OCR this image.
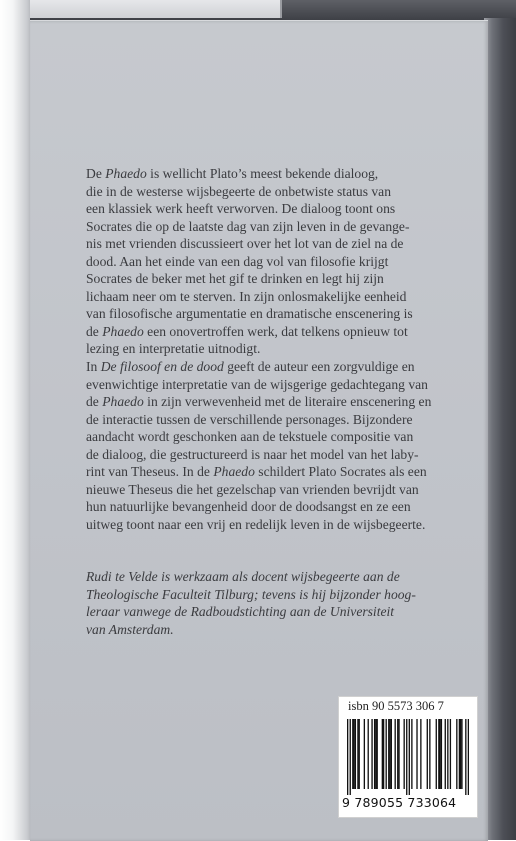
De Phaedo is wellicht Plato’s meest bekende dialoog,
die in de westerse wijsbegeerte de onbetwiste status van
een klassiek werk heeft verworven. De dialoog toont ons
Socrates die op de laatste dag van zijn leven in de gevange-
nis met vrienden discussieert over het lot van de ziel na de
dood. Aan het einde van een dag vol van filosofie krijgt
Socrates de beker met het gif te drinken en legt hij zijn
lichaam neer om te sterven. In zijn onlosmakelijke eenheid
van filosofische argumentatie en dramatische enscenering is
de Phaedo een onovertroffen werk, dat telkens opnieuw tot
lezing en interpretatie uitnodigt.
In De filosoof en de dood geeft de auteur een zorgvuldige en
evenwichtige interpretatie van de wijsgerige gedachtegang van
de Phaedo in zijn verwevenheid met de literaire enscenering en
de interactie tussen de verschillende personages. Bijzondere
aandacht wordt geschonken aan de tekstuele compositie van
de dialoog, die gestructureerd is naar het model van het laby-
rint van Theseus. In de Phaedo schildert Plato Socrates als een
nieuwe Theseus die het gezelschap van vrienden bevrijdt van
hun natuurlijke bevangenheid door de doodsangst en ze een
uitweg toont naar een vrij en redelijk leven in de wijsbegeerte.
Rudi te Velde is werkzaam als docent wijsbegeerte aan de
Theologische Faculteit Tilburg; tevens is hij bijzonder hoog-
leraar vanwege de Radboudstichting aan de Universiteit
van Amsterdam.
isbn 90 5573 306 7
9 789055 733064
